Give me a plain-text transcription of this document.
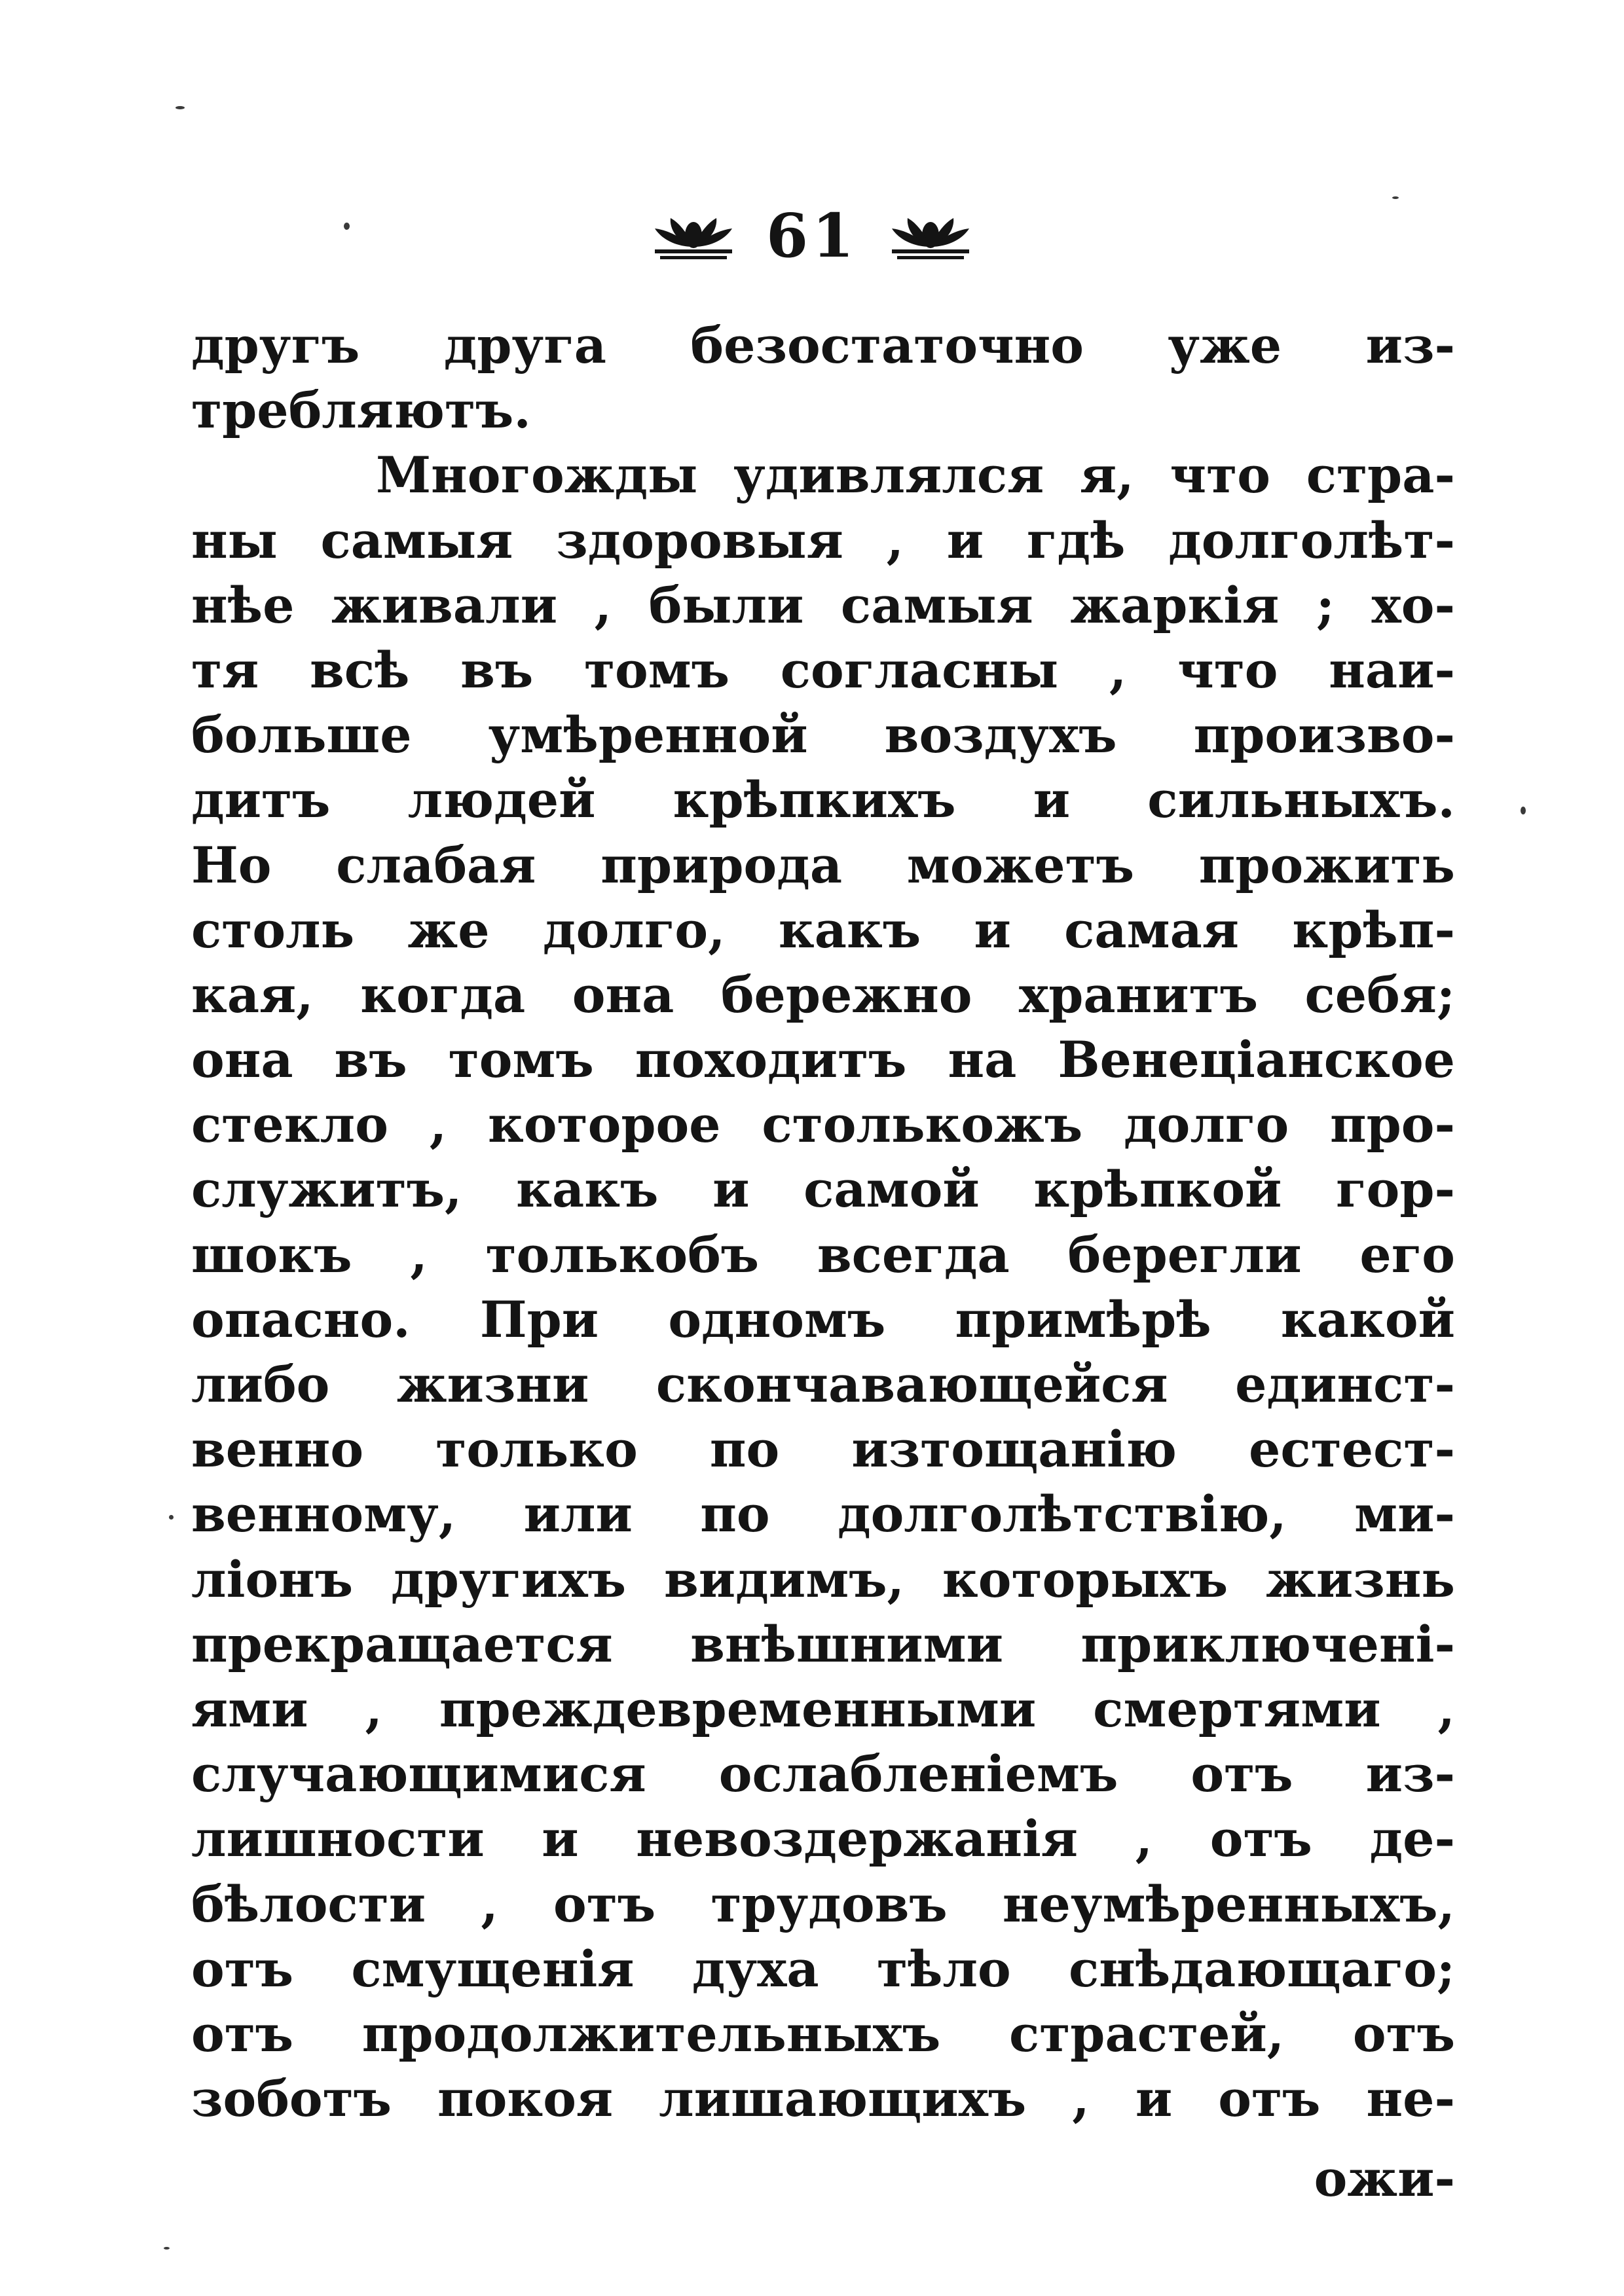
61
другъ друга безостаточно уже из-
требляютъ.
Многожды удивлялся я, что стра-
ны самыя здоровыя , и гдѣ долголѣт-
нѣе живали , были самыя жаркія ; хо-
тя всѣ въ томъ согласны , что наи-
больше умѣренной воздухъ произво-
дитъ людей крѣпкихъ и сильныхъ.
Но слабая природа можетъ прожить
столь же долго, какъ и самая крѣп-
кая, когда она бережно хранитъ себя;
она въ томъ походитъ на Венеціанское
стекло , которое столькожъ долго про-
служитъ, какъ и самой крѣпкой гор-
шокъ , толькобъ всегда берегли его
опасно. При одномъ примѣрѣ какой
либо жизни скончавающейся единст-
венно только по изтощанію естест-
венному, или по долголѣтствію, ми-
ліонъ другихъ видимъ, которыхъ жизнь
прекращается внѣшними приключені-
ями , преждевременными смертями ,
случающимися ослабленіемъ отъ из-
лишности и невоздержанія , отъ де-
бѣлости , отъ трудовъ неумѣренныхъ,
отъ смущенія духа тѣло снѣдающаго;
отъ продолжительныхъ страстей, отъ
зоботъ покоя лишающихъ , и отъ не-
ожи-
